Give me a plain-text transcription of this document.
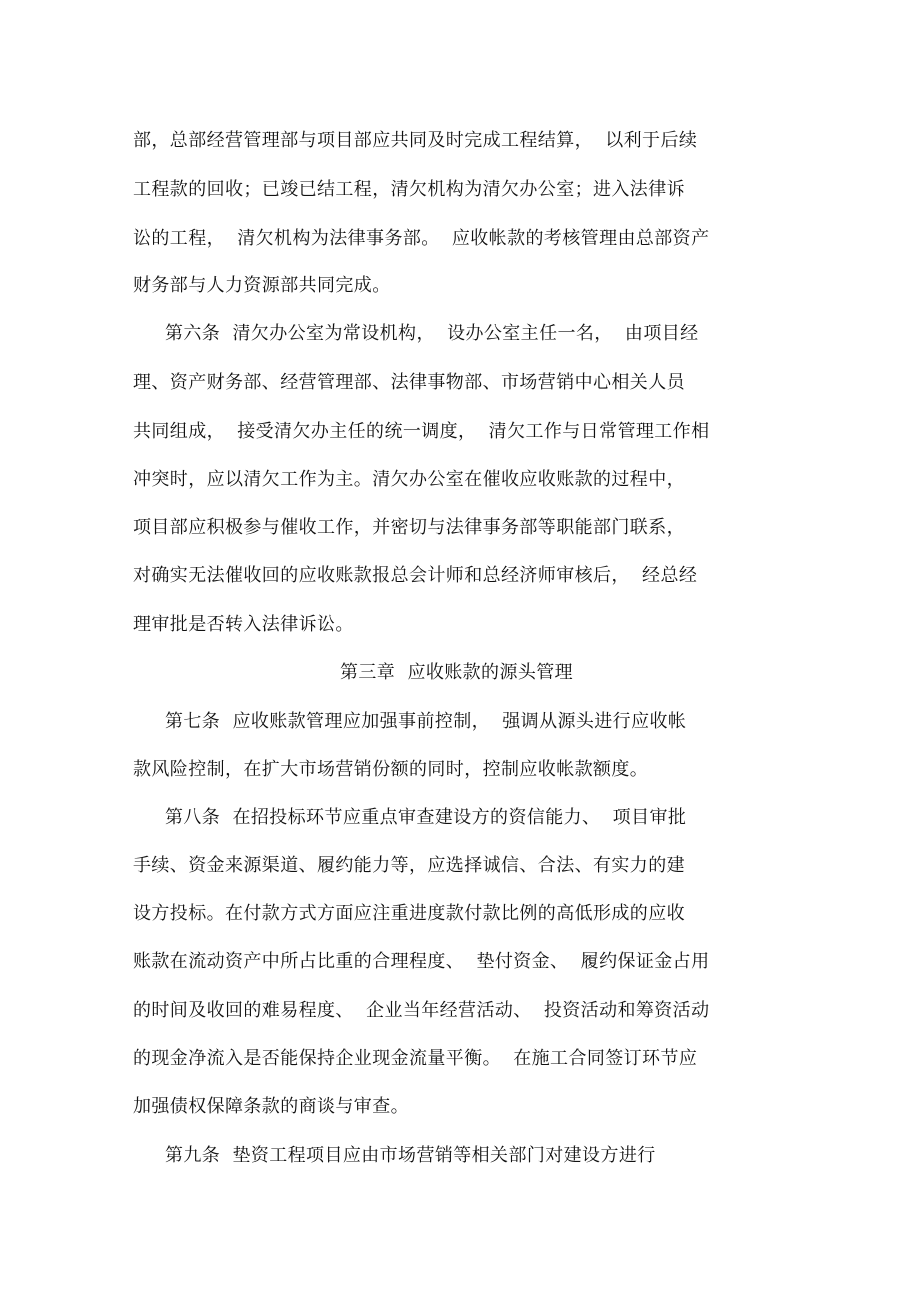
部，总部经营管理部与项目部应共同及时完成工程结算，  以利于后续
工程款的回收；已竣已结工程，清欠机构为清欠办公室；进入法律诉
讼的工程，  清欠机构为法律事务部。  应收帐款的考核管理由总部资产
财务部与人力资源部共同完成。
第六条  清欠办公室为常设机构，  设办公室主任一名，  由项目经
理、资产财务部、经营管理部、法律事物部、市场营销中心相关人员
共同组成，  接受清欠办主任的统一调度，  清欠工作与日常管理工作相
冲突时，应以清欠工作为主。清欠办公室在催收应收账款的过程中，
项目部应积极参与催收工作，并密切与法律事务部等职能部门联系，
对确实无法催收回的应收账款报总会计师和总经济师审核后，  经总经
理审批是否转入法律诉讼。
第三章  应收账款的源头管理
第七条  应收账款管理应加强事前控制，  强调从源头进行应收帐
款风险控制，在扩大市场营销份额的同时，控制应收帐款额度。
第八条  在招投标环节应重点审查建设方的资信能力、  项目审批
手续、资金来源渠道、履约能力等，应选择诚信、合法、有实力的建
设方投标。在付款方式方面应注重进度款付款比例的高低形成的应收
账款在流动资产中所占比重的合理程度、  垫付资金、  履约保证金占用
的时间及收回的难易程度、  企业当年经营活动、  投资活动和筹资活动
的现金净流入是否能保持企业现金流量平衡。  在施工合同签订环节应
加强债权保障条款的商谈与审查。
第九条  垫资工程项目应由市场营销等相关部门对建设方进行
